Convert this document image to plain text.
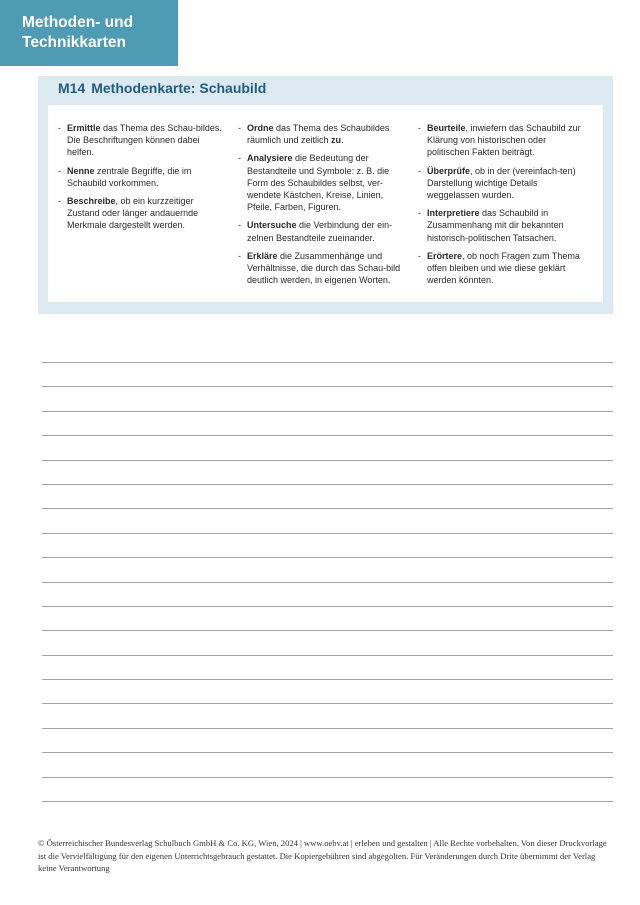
Methoden- und
Technikkarten
M14 Methodenkarte: Schaubild
- Ermittle das Thema des Schau-bildes. Die Beschriftungen können dabei helfen.
- Nenne zentrale Begriffe, die im Schaubild vorkommen.
- Beschreibe, ob ein kurzzeitiger Zustand oder länger andauernde Merkmale dargestellt werden.
- Ordne das Thema des Schaubildes räumlich und zeitlich zu.
- Analysiere die Bedeutung der Bestandteile und Symbole: z. B. die Form des Schaubildes selbst, ver-wendete Kästchen, Kreise, Linien, Pfeile, Farben, Figuren.
- Untersuche die Verbindung der ein-zelnen Bestandteile zueinander.
- Erkläre die Zusammenhänge und Verhältnisse, die durch das Schau-bild deutlich werden, in eigenen Worten.
- Beurteile, inwiefern das Schaubild zur Klärung von historischen oder politischen Fakten beiträgt.
- Überprüfe, ob in der (vereinfach-ten) Darstellung wichtige Details weggelassen wurden.
- Interpretiere das Schaubild in Zusammenhang mit dir bekannten historisch-politischen Tatsachen.
- Erörtere, ob noch Fragen zum Thema offen bleiben und wie diese geklärt werden könnten.
© Österreichischer Bundesverlag Schulbuch GmbH & Co. KG, Wien, 2024 | www.oebv.at | erleben und gestalten | Alle Rechte vorbehalten. Von dieser Druckvorlage ist die Vervielfältigung für den eigenen Unterrichtsgebrauch gestattet. Die Kopiergebühren sind abgegolten. Für Veränderungen durch Drite übernimmt der Verlag keine Verantwortung
